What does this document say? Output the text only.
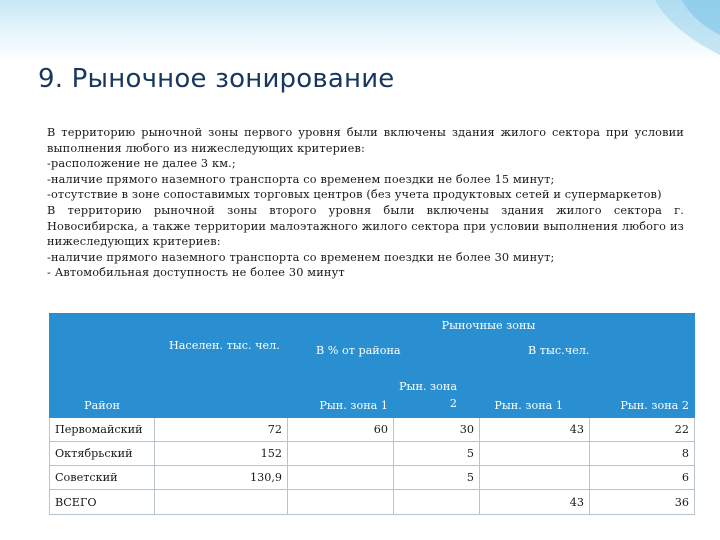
9. Рыночное зонирование

В территорию рыночной зоны первого уровня были включены здания жилого сектора при условии выполнения любого из нижеследующих критериев:

-расположение не далее 3 км.;

-наличие прямого наземного транспорта со временем поездки не более 15 минут;

-отсутствие в зоне сопоставимых торговых центров (без учета продуктовых сетей и супермаркетов)

В территорию рыночной зоны второго уровня были включены здания жилого сектора г. Новосибирска, а также территории малоэтажного жилого сектора при условии выполнения любого из нижеследующих критериев:

-наличие прямого наземного транспорта со временем поездки не более 30 минут;

- Автомобильная доступность не более 30 минут

		Рыночные зоны			
	Населен. тыс. чел.	В % от района		В тыс.чел.	
Район		Рын. зона 1	Рын. зона 2	Рын. зона 1	Рын. зона 2
Первомайский	72	60	30	43	22
Октябрьский	152		5		8
Советский	130,9		5		6
ВСЕГО				43	36
